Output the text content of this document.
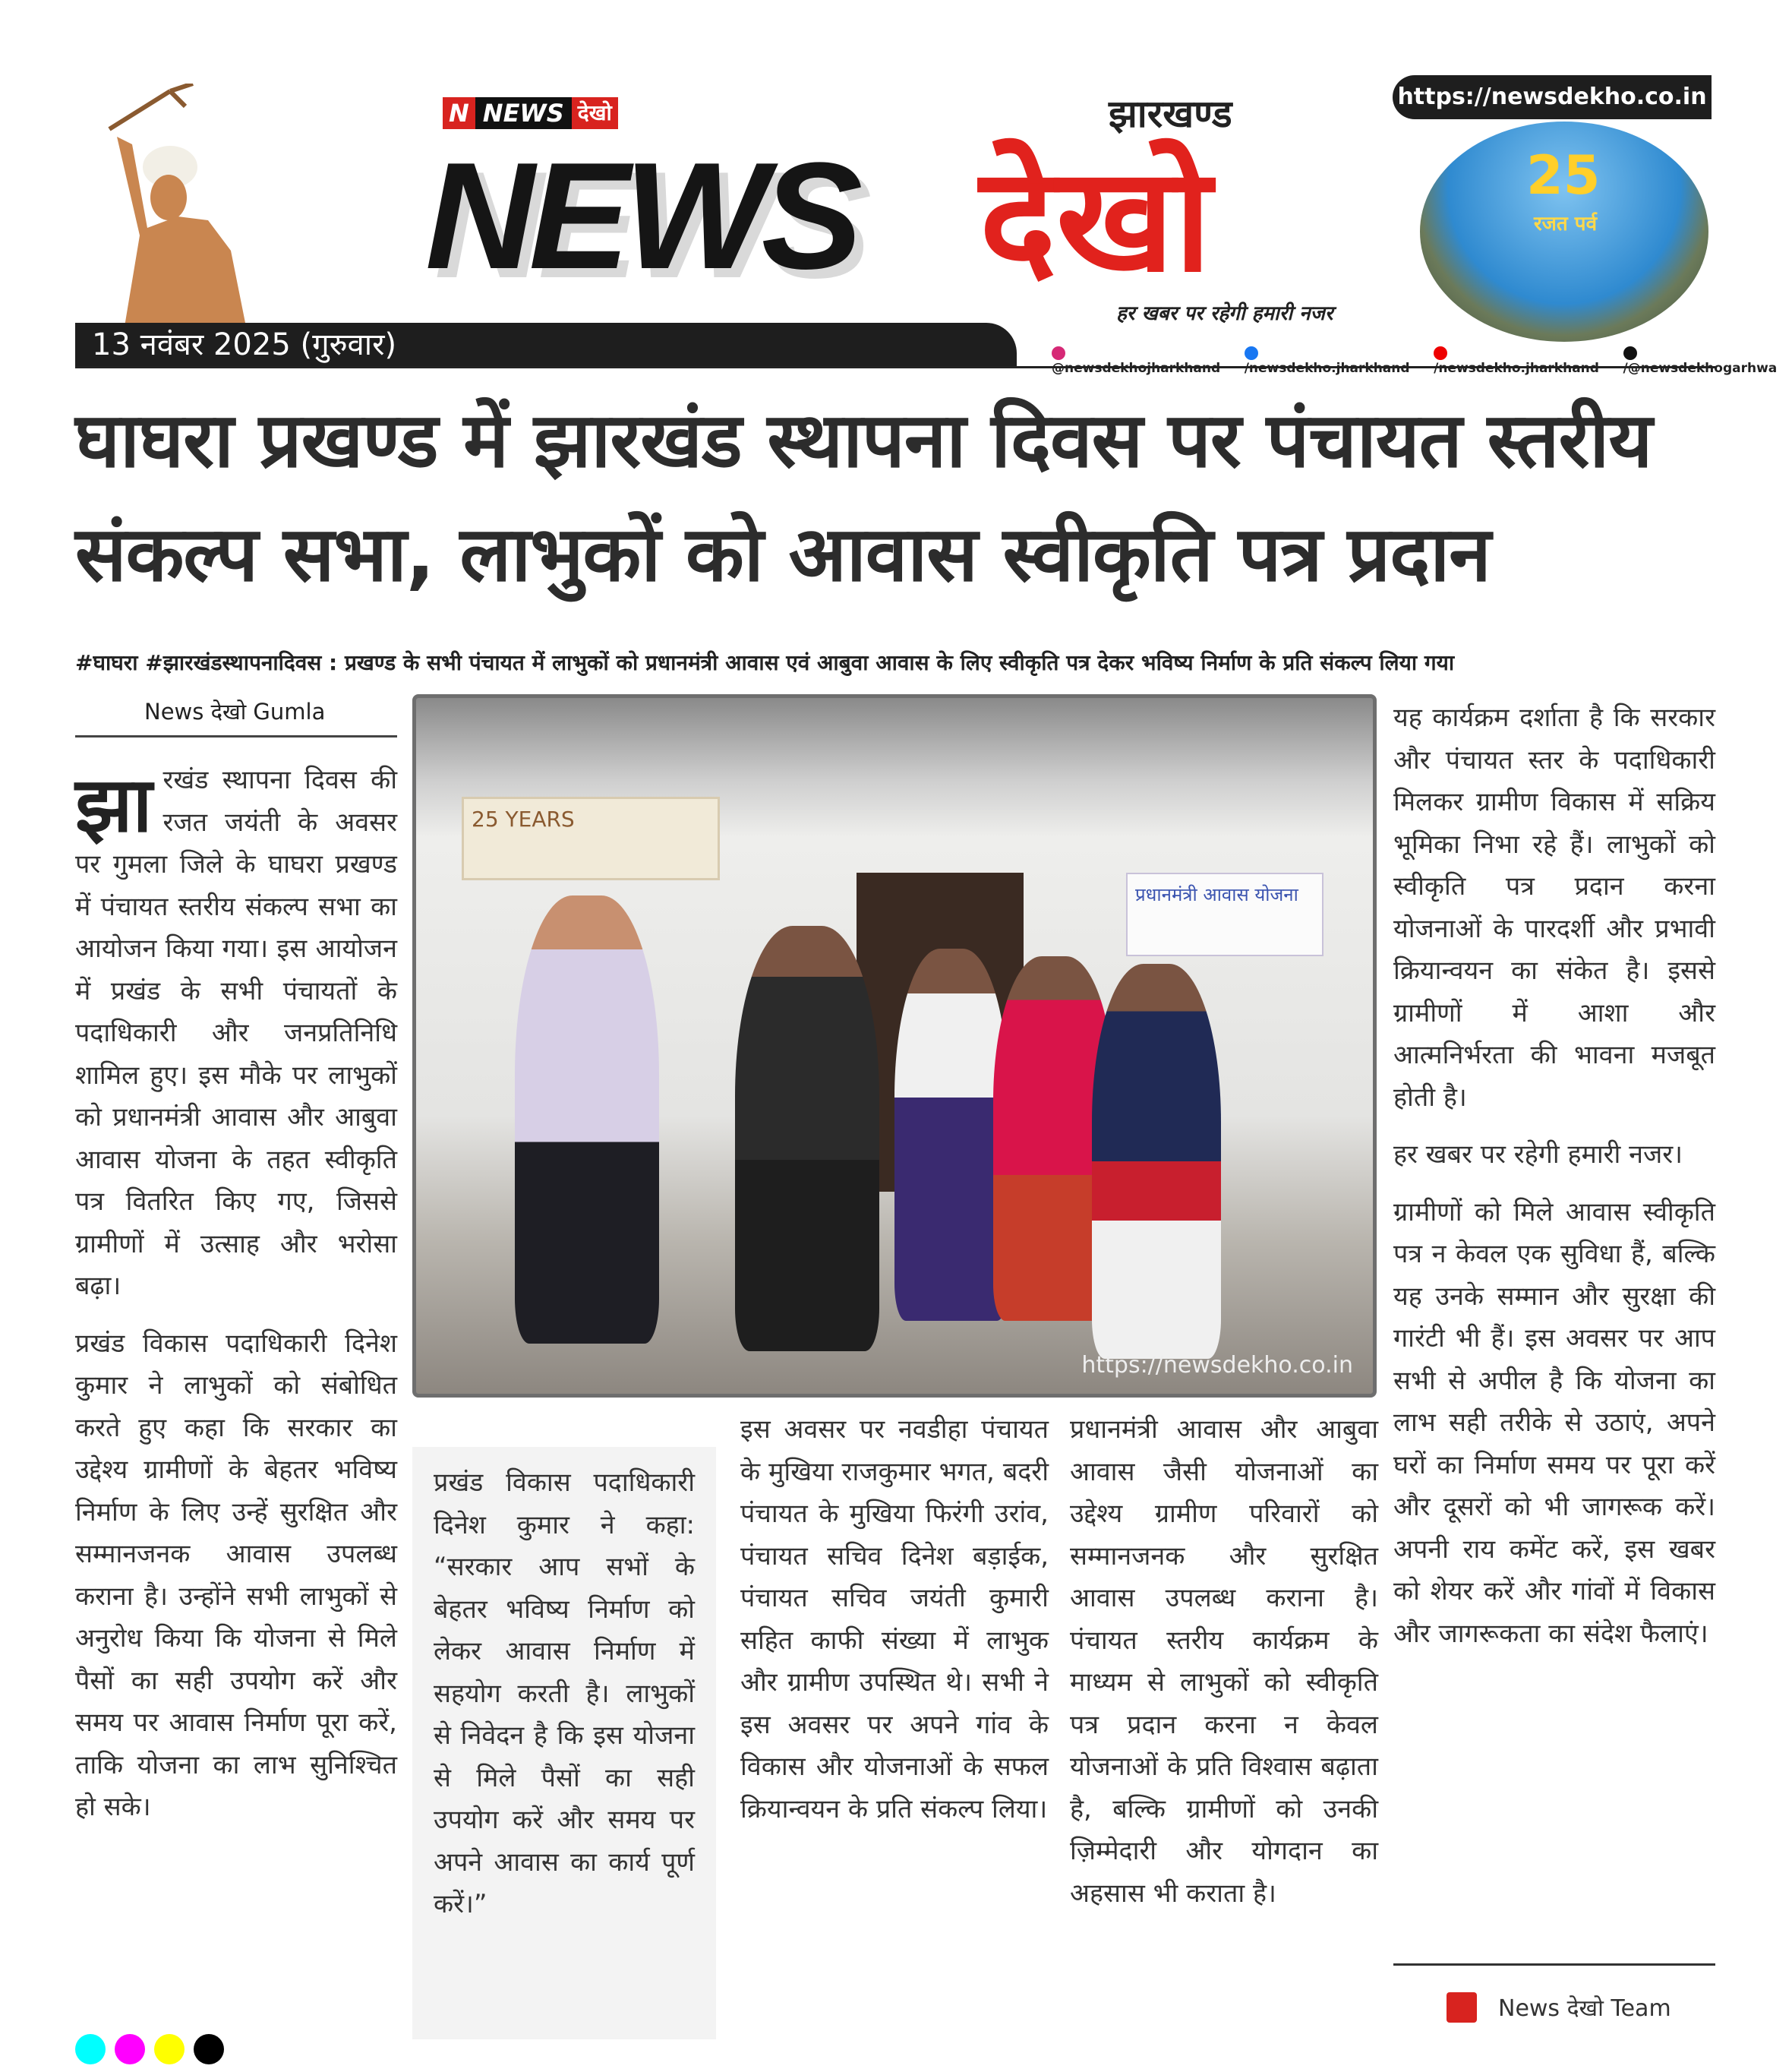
13 नवंबर 2025 (गुरुवार)
N NEWS देखो
NEWS देखो
झारखण्ड
हर खबर पर रहेगी हमारी नजर
@newsdekhojharkhand	/newsdekho.jharkhand	/newsdekho.jharkhand	/@newsdekhogarhwa
https://newsdekho.co.in
25
रजत पर्व
घाघरा प्रखण्ड में झारखंड स्थापना दिवस पर पंचायत स्तरीय संकल्प सभा, लाभुकों को आवास स्वीकृति पत्र प्रदान
#घाघरा #झारखंडस्थापनादिवस : प्रखण्ड के सभी पंचायत में लाभुकों को प्रधानमंत्री आवास एवं आबुवा आवास के लिए स्वीकृति पत्र देकर भविष्य निर्माण के प्रति संकल्प लिया गया
News देखो Gumla

झारखंड स्थापना दिवस की रजत जयंती के अवसर पर गुमला जिले के घाघरा प्रखण्ड में पंचायत स्तरीय संकल्प सभा का आयोजन किया गया। इस आयोजन में प्रखंड के सभी पंचायतों के पदाधिकारी और जनप्रतिनिधि शामिल हुए। इस मौके पर लाभुकों को प्रधानमंत्री आवास और आबुवा आवास योजना के तहत स्वीकृति पत्र वितरित किए गए, जिससे ग्रामीणों में उत्साह और भरोसा बढ़ा।

प्रखंड विकास पदाधिकारी दिनेश कुमार ने लाभुकों को संबोधित करते हुए कहा कि सरकार का उद्देश्य ग्रामीणों के बेहतर भविष्य निर्माण के लिए उन्हें सुरक्षित और सम्मानजनक आवास उपलब्ध कराना है। उन्होंने सभी लाभुकों से अनुरोध किया कि योजना से मिले पैसों का सही उपयोग करें और समय पर आवास निर्माण पूरा करें, ताकि योजना का लाभ सुनिश्चित हो सके।

25 YEARS
प्रधानमंत्री आवास योजना
https://newsdekho.co.in

प्रखंड विकास पदाधिकारी दिनेश कुमार ने कहा: “सरकार आप सभों के बेहतर भविष्य निर्माण को लेकर आवास निर्माण में सहयोग करती है। लाभुकों से निवेदन है कि इस योजना से मिले पैसों का सही उपयोग करें और समय पर अपने आवास का कार्य पूर्ण करें।”

इस अवसर पर नवडीहा पंचायत के मुखिया राजकुमार भगत, बदरी पंचायत के मुखिया फिरंगी उरांव, पंचायत सचिव दिनेश बड़ाईक, पंचायत सचिव जयंती कुमारी सहित काफी संख्या में लाभुक और ग्रामीण उपस्थित थे। सभी ने इस अवसर पर अपने गांव के विकास और योजनाओं के सफल क्रियान्वयन के प्रति संकल्प लिया।

प्रधानमंत्री आवास और आबुवा आवास जैसी योजनाओं का उद्देश्य ग्रामीण परिवारों को सम्मानजनक और सुरक्षित आवास उपलब्ध कराना है। पंचायत स्तरीय कार्यक्रम के माध्यम से लाभुकों को स्वीकृति पत्र प्रदान करना न केवल योजनाओं के प्रति विश्वास बढ़ाता है, बल्कि ग्रामीणों को उनकी ज़िम्मेदारी और योगदान का अहसास भी कराता है।

यह कार्यक्रम दर्शाता है कि सरकार और पंचायत स्तर के पदाधिकारी मिलकर ग्रामीण विकास में सक्रिय भूमिका निभा रहे हैं। लाभुकों को स्वीकृति पत्र प्रदान करना योजनाओं के पारदर्शी और प्रभावी क्रियान्वयन का संकेत है। इससे ग्रामीणों में आशा और आत्मनिर्भरता की भावना मजबूत होती है।

हर खबर पर रहेगी हमारी नजर।

ग्रामीणों को मिले आवास स्वीकृति पत्र न केवल एक सुविधा हैं, बल्कि यह उनके सम्मान और सुरक्षा की गारंटी भी हैं। इस अवसर पर आप सभी से अपील है कि योजना का लाभ सही तरीके से उठाएं, अपने घरों का निर्माण समय पर पूरा करें और दूसरों को भी जागरूक करें। अपनी राय कमेंट करें, इस खबर को शेयर करें और गांवों में विकास और जागरूकता का संदेश फैलाएं।

News देखो Team
